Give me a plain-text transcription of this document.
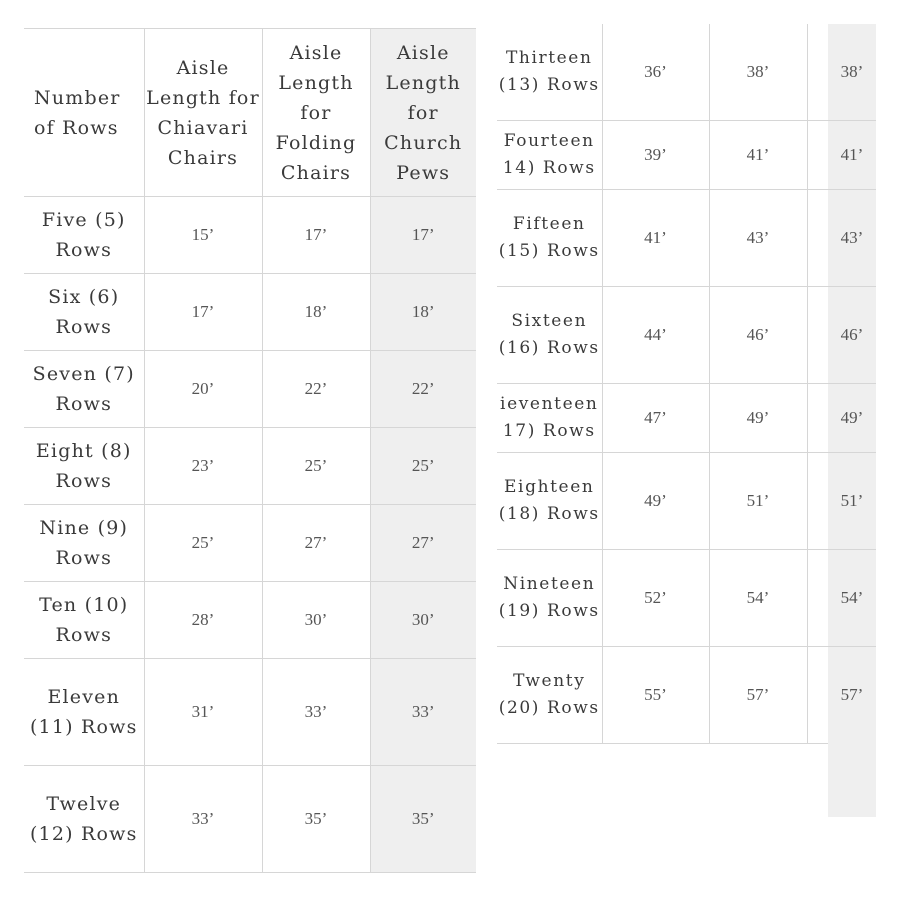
Number of Rows	Aisle Length for Chiavari Chairs	Aisle Length for Folding Chairs	Aisle Length for Church Pews
Five (5) Rows	15’	17’	17’
Six (6) Rows	17’	18’	18’
Seven (7) Rows	20’	22’	22’
Eight (8) Rows	23’	25’	25’
Nine (9) Rows	25’	27’	27’
Ten (10) Rows	28’	30’	30’
Eleven (11) Rows	31’	33’	33’
Twelve (12) Rows	33’	35’	35’
Thirteen (13) Rows	36’	38’		38’
Fourteen 14) Rows	39’	41’		41’
Fifteen (15) Rows	41’	43’		43’
Sixteen (16) Rows	44’	46’		46’
ieventeen 17) Rows	47’	49’		49’
Eighteen (18) Rows	49’	51’		51’
Nineteen (19) Rows	52’	54’		54’
Twenty (20) Rows	55’	57’		57’
